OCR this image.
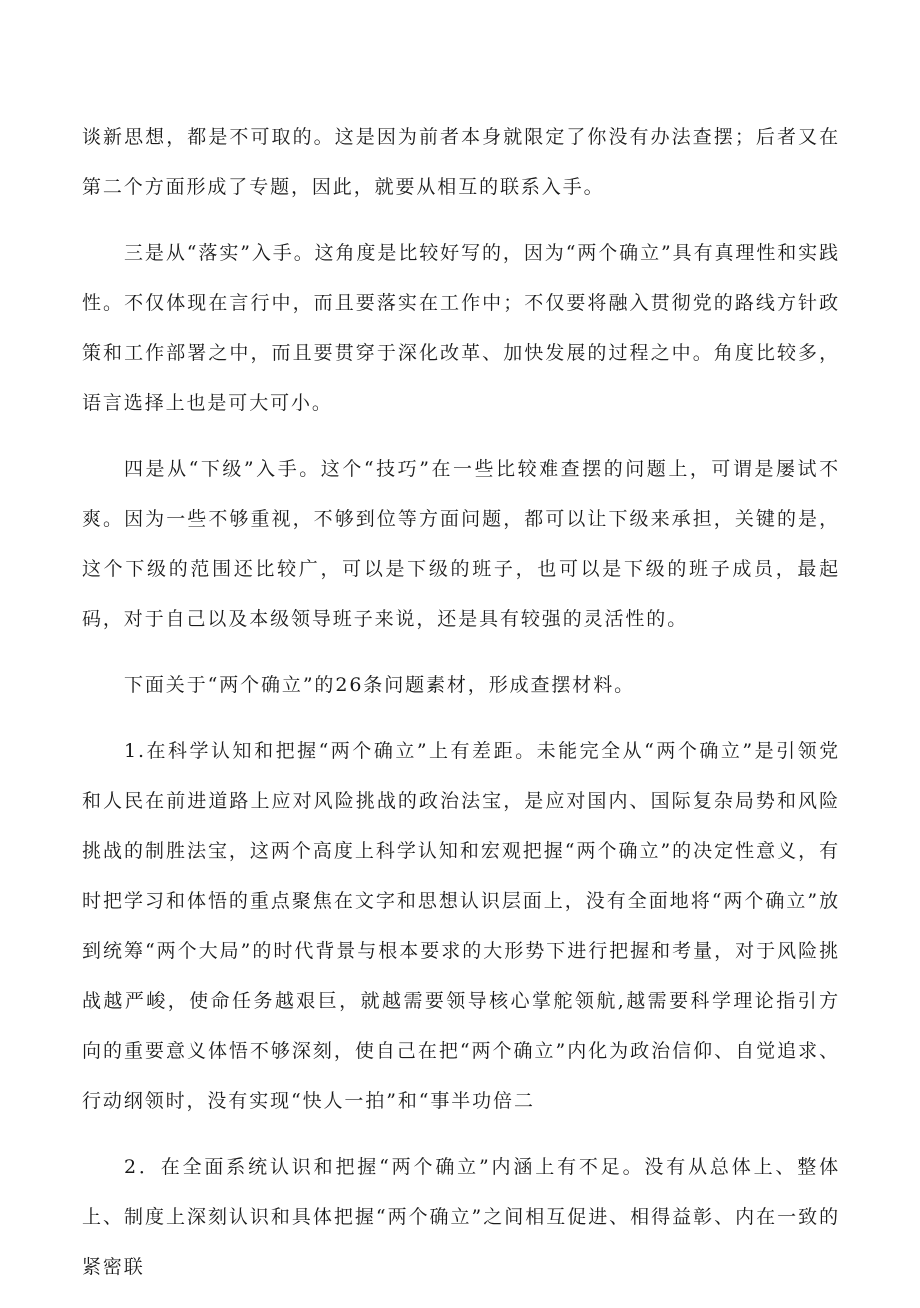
谈新思想，都是不可取的。这是因为前者本身就限定了你没有办法查摆；后者又在第二个方面形成了专题，因此，就要从相互的联系入手。

三是从“落实”入手。这角度是比较好写的，因为“两个确立”具有真理性和实践性。不仅体现在言行中，而且要落实在工作中；不仅要将融入贯彻党的路线方针政策和工作部署之中，而且要贯穿于深化改革、加快发展的过程之中。角度比较多，语言选择上也是可大可小。

四是从“下级”入手。这个“技巧”在一些比较难查摆的问题上，可谓是屡试不爽。因为一些不够重视，不够到位等方面问题，都可以让下级来承担，关键的是，这个下级的范围还比较广，可以是下级的班子，也可以是下级的班子成员，最起码，对于自己以及本级领导班子来说，还是具有较强的灵活性的。

下面关于“两个确立”的26条问题素材，形成查摆材料。

1.在科学认知和把握“两个确立”上有差距。未能完全从“两个确立”是引领党和人民在前进道路上应对风险挑战的政治法宝，是应对国内、国际复杂局势和风险挑战的制胜法宝，这两个高度上科学认知和宏观把握“两个确立”的决定性意义，有时把学习和体悟的重点聚焦在文字和思想认识层面上，没有全面地将“两个确立”放到统筹“两个大局”的时代背景与根本要求的大形势下进行把握和考量，对于风险挑战越严峻，使命任务越艰巨，就越需要领导核心掌舵领航,越需要科学理论指引方向的重要意义体悟不够深刻，使自己在把“两个确立”内化为政治信仰、自觉追求、行动纲领时，没有实现“快人一拍”和“事半功倍二

2．在全面系统认识和把握“两个确立”内涵上有不足。没有从总体上、整体上、制度上深刻认识和具体把握“两个确立”之间相互促进、相得益彰、内在一致的紧密联
